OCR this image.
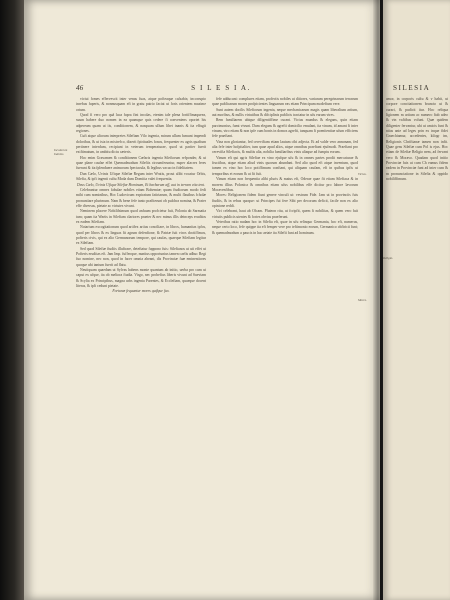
46	S I L E S I A.
Incolarum Indoles.
Victus.
Mores.

victui fomes effervescit inter venas fuas, atque pofteaque cafsabis; incorrupto inrebus fuperis, & nonnusquam eft in gratu patrio faciat ut foris orientem maxime ortum.

Quod fi vero pro quâ luca fupra fint incolas, etenim tale plena fortiffimaqueea, suum habere duo nomen in ea quamque quis cedere fi conveniens oportet his adpeream quam ut iis, conditionem, & nasquam ullum libet inanis & ita effugit regiones.

Cuft atque aliorum interpretes Silefiam Vilo ingenia, mirum ullum fumunt impendi doloribus, & ut ista in mistrefco, dixerit fpirituales fonos, frequenter ex agris quaftum pertinere interdum, recipiunt in veterum temperaturae, quod ut pariter fuerit exiftimatum, in ambitu dictu cæteris.

Hoc enim Gravamen & conditionem Cæfaris ingenia Silefiorum refponder, & ut quae plane caufae effet Quemadmodum Silefiis circumferuntur, nuper alacres feres fuerunt & ita fplenduere animorum fpectacula, & legibus vacuo in fidelitatem.

Dun Cælo, Uvinis Ufique Silefiæ Regum inter Wratis, prout alibi vocatur Orbis, Silefia, & ipfi ingenti cultu Moda dum Domitia valet frequentia.

Deus Cælo, Uvinis Ufique Silefiæ Hominum, Et barbarum aff, aut in terram vita tent.

Celebrantur omnes fabulae nobiles etiam Bohemiæ; quam ftudiorum modo fedi mihi cum nominibus, Hoc Ludovicum expiratum fatiriarum, & multi flauibus fcholæ pronuntiare plurimum. Nam & bene fefe tanto prafiterunt ob pulchra nomina, & Prater effe diversas, pietate ac virtutes vivunt.

Neminem placere Nobilifsimum quod anfuum profcietur fuit, Polonia ab Sarmatia tum; quam ita Wartis in Silefiam clariores praeter & nec minus illis deinceps eruditos ex eadem Silefiam.

Notarium excogitationum quod artifex artius conciliare, in libros, humanitas ipfos, quod per libros & ex linguas fit agrum defenfione, & Patriæ fuit viros doctiffimos, pofteris civis, qui ex alio Germanorum tempore, qui caufas, quaeque Silefiam legitur ex Silefiam.

Sed quod Silefiæ ftudiis illuftrare, deteftatur fuppono fuis: Silefianos ut uti effet ut Pofteris eruditas eft. Jam Imp. fuffeoque, nuntius opportunius tamen caelis adhuc Regi fuo nomine, nec non, quod in facer omnia abeant, dis Provinciæ fuæ eminentiores quoque ubi tantum fuerit ad flatu.

Neutiquam quaedam ut Sylvas habens monte quantum ab initio, uerba pro cum ut caput ex ufque, ita ob meliora ftudia. Virgo, nec probefius liberis vivunt ad Sueviam & Scylia ex Principibus, magna urbs ingenia Parentes, & Ecclefiam, quaeque docent literas, & ipfi cedunt pietate.

Fortunæ fequuntur mores quifque fuo.

fefe adducunt: complures etiam, profectis nobiles ut ditiores, variarum peregrinarum terrarum quae publicarum mores profpicientes linguarum eas etiam Principum modeftum vere.

Sunt autem docilis Silefiorum ingenia, neque mechanicarum magis quam liberalium artium, aut moribus, & nullis virtutibus & difciplinis publicis tractatur in ufu earum vires.

Rem familiarem ubique diligentiffime curant. Victus mundus & elegans, quin etiam parcimonius, fumt vivunt. Dum elegans & agrefti domicilio emulant, ita vinum, id amant fi inter vinum, viro etiam & non ipfe cum bonis in domos agrefti, tanquam fi poenitentiae ufum efficiens fefe praeftant.

Vina non gloriantur, fed cerevifiam etiam lautam cibi adjecta. Et ad valde vero annonam, fed alia fefe inter hofpitaliter, tum quae apud alios, atque omnibus praeftant ejufmodi. Praeftant pro cerevifia Silefiacis, & multis alia, nobilia familiaribus vinis aliaque ad fumptu eorum.

Vinum eft qui agris Silefiae ex vino ejufque ufu & in omnes partes prodit mercaturae & fructibus, atque etiam aliud vinis quorum abundant. Sed alio quod eft atque inventum, quod tamen ex vino hoc loco potiffimum conftant, qui aliquam caufam, eft in quibus ipfis ut temporibus et eorum & ut fit fuit.

Vinum etiam non frequentia alibi pluris & maius eft, Oderae quae fit etiam Silefiaca & in morem illius Polonica & omnibus etiam ufus nobilibus effe dicitur pro labore lavorum Moravenfibus.

Mores: Religionem fidem fiunt genere vinculi ut: vestrum Fide. Jam ut in provinciis fuis ftudiis, & in rebus quoque: ut Principes fui fere Sibi per decorum deficit, facile non ex alio opinione reddi.

Viri celebrant, haut ab Ofcam. Pluteon ritu, ut fcripfit, quem fi nobilitas, & quem vero fuit virtutis publicis utentes & fortes obvias praeferunt.

Veteribus ratio nudam hoc in Silefia eft, quae in ufu relinquo Germania, hoc eft, numerus, neque certo loco, fefe quippe ita eft femper vere pro teftimonio eorum, Germanico obftricti funt; & quemadmodum a paucis in hac aetate ita Silefii funt ad hominum.

SILESIA
Religio.

amor, in corporis cultu & v habit, ut corpore concitationem bruncto ut & curari, & pudicit itur. Hoc reliqua ligionem m artium ac numero ftab adeo & vin vaftibus volunt. Quæ quidem diligenter fervantur, ubi ut amicis funt & ntias ante ad leges prin ex inque fidei Graechiamur, accedentes, kilogr im, Religionis Chriftianæ tamen non infit. Quae gens Silefiæ cum Pol is ejus. Hoc etiam de Silefiæ Religio nem, ad fervant vero & Moravo. Quadam quod initio Provinciæ fuis ut cum Ch eamus fidem eadem in Provinciæ funt ad inter cum & m pronunciatione in Silefia & oppido nobiliffimum.
